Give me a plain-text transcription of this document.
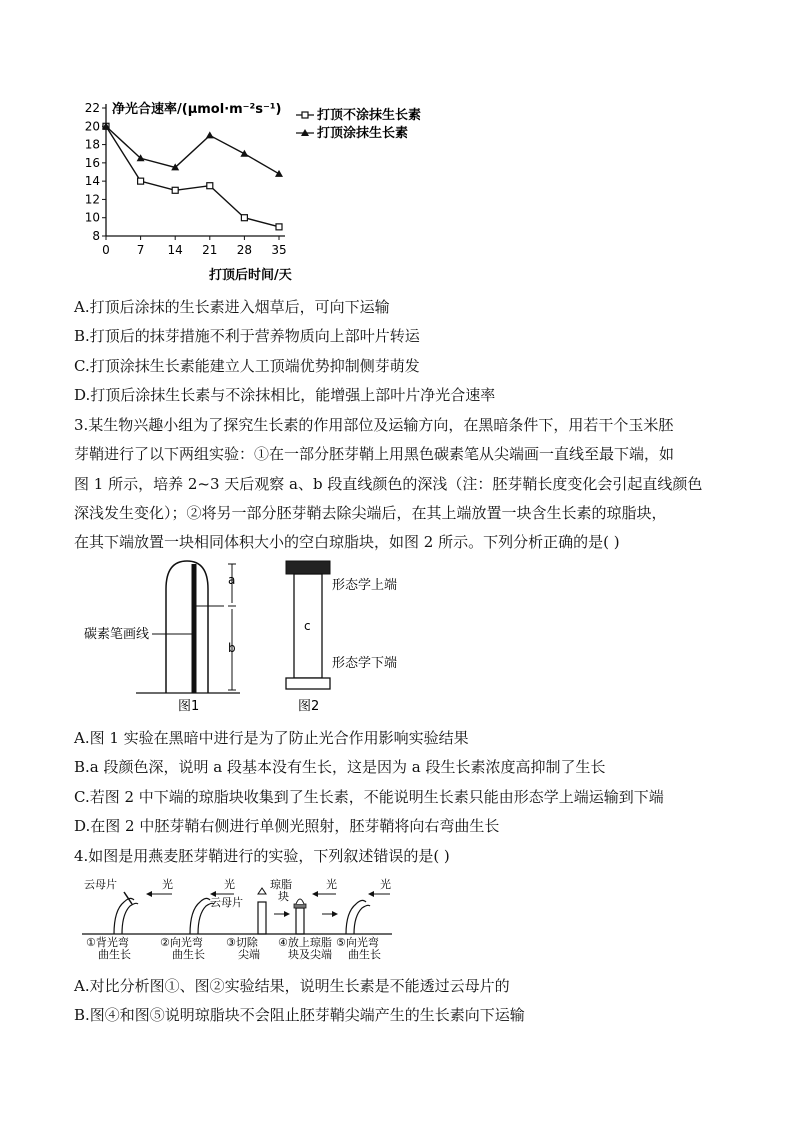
8
10
12
14
16
18
20
22
0 7 14 21 28 35
净光合速率/(μmol·m⁻²s⁻¹)
打顶后时间/天
打顶不涂抹生长素
打顶涂抹生长素
A.打顶后涂抹的生长素进入烟草后，可向下运输
B.打顶后的抹芽措施不利于营养物质向上部叶片转运
C.打顶涂抹生长素能建立人工顶端优势抑制侧芽萌发
D.打顶后涂抹生长素与不涂抹相比，能增强上部叶片净光合速率
3.某生物兴趣小组为了探究生长素的作用部位及运输方向，在黑暗条件下，用若干个玉米胚
芽鞘进行了以下两组实验：①在一部分胚芽鞘上用黑色碳素笔从尖端画一直线至最下端，如
图 1 所示，培养 2~3 天后观察 a、b 段直线颜色的深浅（注：胚芽鞘长度变化会引起直线颜色
深浅发生变化）；②将另一部分胚芽鞘去除尖端后，在其上端放置一块含生长素的琼脂块，
在其下端放置一块相同体积大小的空白琼脂块，如图 2 所示。下列分析正确的是( )
a
b
碳素笔画线
图1
c
形态学上端
形态学下端
图2
A.图 1 实验在黑暗中进行是为了防止光合作用影响实验结果
B.a 段颜色深，说明 a 段基本没有生长，这是因为 a 段生长素浓度高抑制了生长
C.若图 2 中下端的琼脂块收集到了生长素，不能说明生长素只能由形态学上端运输到下端
D.在图 2 中胚芽鞘右侧进行单侧光照射，胚芽鞘将向右弯曲生长
4.如图是用燕麦胚芽鞘进行的实验，下列叙述错误的是( )
云母片	光	光
云母片
琼脂
块
光	光
①背光弯
曲生长
②向光弯
曲生长
③切除
尖端
④放上琼脂
块及尖端
⑤向光弯
曲生长
A.对比分析图①、图②实验结果，说明生长素是不能透过云母片的
B.图④和图⑤说明琼脂块不会阻止胚芽鞘尖端产生的生长素向下运输
